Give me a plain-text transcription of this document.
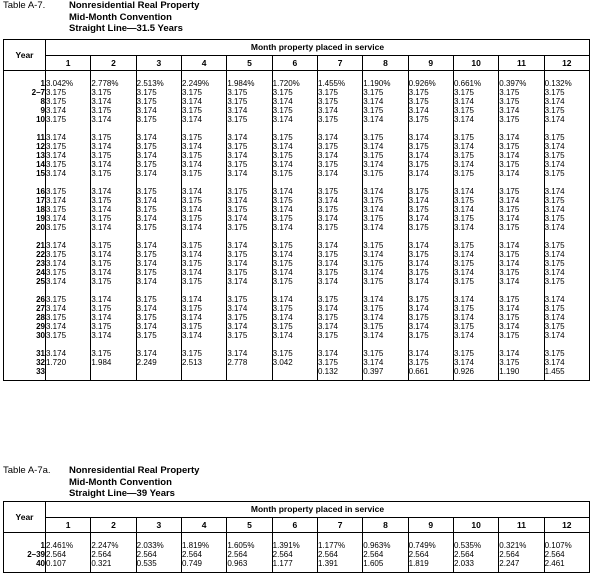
Table A-7.	Nonresidential Real Property
Mid-Month Convention
Straight Line—31.5 Years
Year	Month property placed in service											
	1	2	3	4	5	6	7	8	9	10	11	12
1	3.042%	2.778%	2.513%	2.249%	1.984%	1.720%	1.455%	1.190%	0.926%	0.661%	0.397%	0.132%
2–7	3.175	3.175	3.175	3.175	3.175	3.175	3.175	3.175	3.175	3.175	3.175	3.175
8	3.175	3.174	3.175	3.174	3.175	3.174	3.175	3.174	3.175	3.174	3.175	3.174
9	3.174	3.175	3.174	3.175	3.174	3.175	3.174	3.175	3.174	3.175	3.174	3.175
10	3.175	3.174	3.175	3.174	3.175	3.174	3.175	3.174	3.175	3.174	3.175	3.174

11	3.174	3.175	3.174	3.175	3.174	3.175	3.174	3.175	3.174	3.175	3.174	3.175
12	3.175	3.174	3.175	3.174	3.175	3.174	3.175	3.174	3.175	3.174	3.175	3.174
13	3.174	3.175	3.174	3.175	3.174	3.175	3.174	3.175	3.174	3.175	3.174	3.175
14	3.175	3.174	3.175	3.174	3.175	3.174	3.175	3.174	3.175	3.174	3.175	3.174
15	3.174	3.175	3.174	3.175	3.174	3.175	3.174	3.175	3.174	3.175	3.174	3.175

16	3.175	3.174	3.175	3.174	3.175	3.174	3.175	3.174	3.175	3.174	3.175	3.174
17	3.174	3.175	3.174	3.175	3.174	3.175	3.174	3.175	3.174	3.175	3.174	3.175
18	3.175	3.174	3.175	3.174	3.175	3.174	3.175	3.174	3.175	3.174	3.175	3.174
19	3.174	3.175	3.174	3.175	3.174	3.175	3.174	3.175	3.174	3.175	3.174	3.175
20	3.175	3.174	3.175	3.174	3.175	3.174	3.175	3.174	3.175	3.174	3.175	3.174

21	3.174	3.175	3.174	3.175	3.174	3.175	3.174	3.175	3.174	3.175	3.174	3.175
22	3.175	3.174	3.175	3.174	3.175	3.174	3.175	3.174	3.175	3.174	3.175	3.174
23	3.174	3.175	3.174	3.175	3.174	3.175	3.174	3.175	3.174	3.175	3.174	3.175
24	3.175	3.174	3.175	3.174	3.175	3.174	3.175	3.174	3.175	3.174	3.175	3.174
25	3.174	3.175	3.174	3.175	3.174	3.175	3.174	3.175	3.174	3.175	3.174	3.175

26	3.175	3.174	3.175	3.174	3.175	3.174	3.175	3.174	3.175	3.174	3.175	3.174
27	3.174	3.175	3.174	3.175	3.174	3.175	3.174	3.175	3.174	3.175	3.174	3.175
28	3.175	3.174	3.175	3.174	3.175	3.174	3.175	3.174	3.175	3.174	3.175	3.174
29	3.174	3.175	3.174	3.175	3.174	3.175	3.174	3.175	3.174	3.175	3.174	3.175
30	3.175	3.174	3.175	3.174	3.175	3.174	3.175	3.174	3.175	3.174	3.175	3.174

31	3.174	3.175	3.174	3.175	3.174	3.175	3.174	3.175	3.174	3.175	3.174	3.175
32	1.720	1.984	2.249	2.513	2.778	3.042	3.175	3.174	3.175	3.174	3.175	3.174
33							0.132	0.397	0.661	0.926	1.190	1.455
Table A-7a. Nonresidential Real Property
Mid-Month Convention
Straight Line—39 Years
Year	Month property placed in service											
	1	2	3	4	5	6	7	8	9	10	11	12
1	2.461%	2.247%	2.033%	1.819%	1.605%	1.391%	1.177%	0.963%	0.749%	0.535%	0.321%	0.107%
2–39	2.564	2.564	2.564	2.564	2.564	2.564	2.564	2.564	2.564	2.564	2.564	2.564
40	0.107	0.321	0.535	0.749	0.963	1.177	1.391	1.605	1.819	2.033	2.247	2.461
